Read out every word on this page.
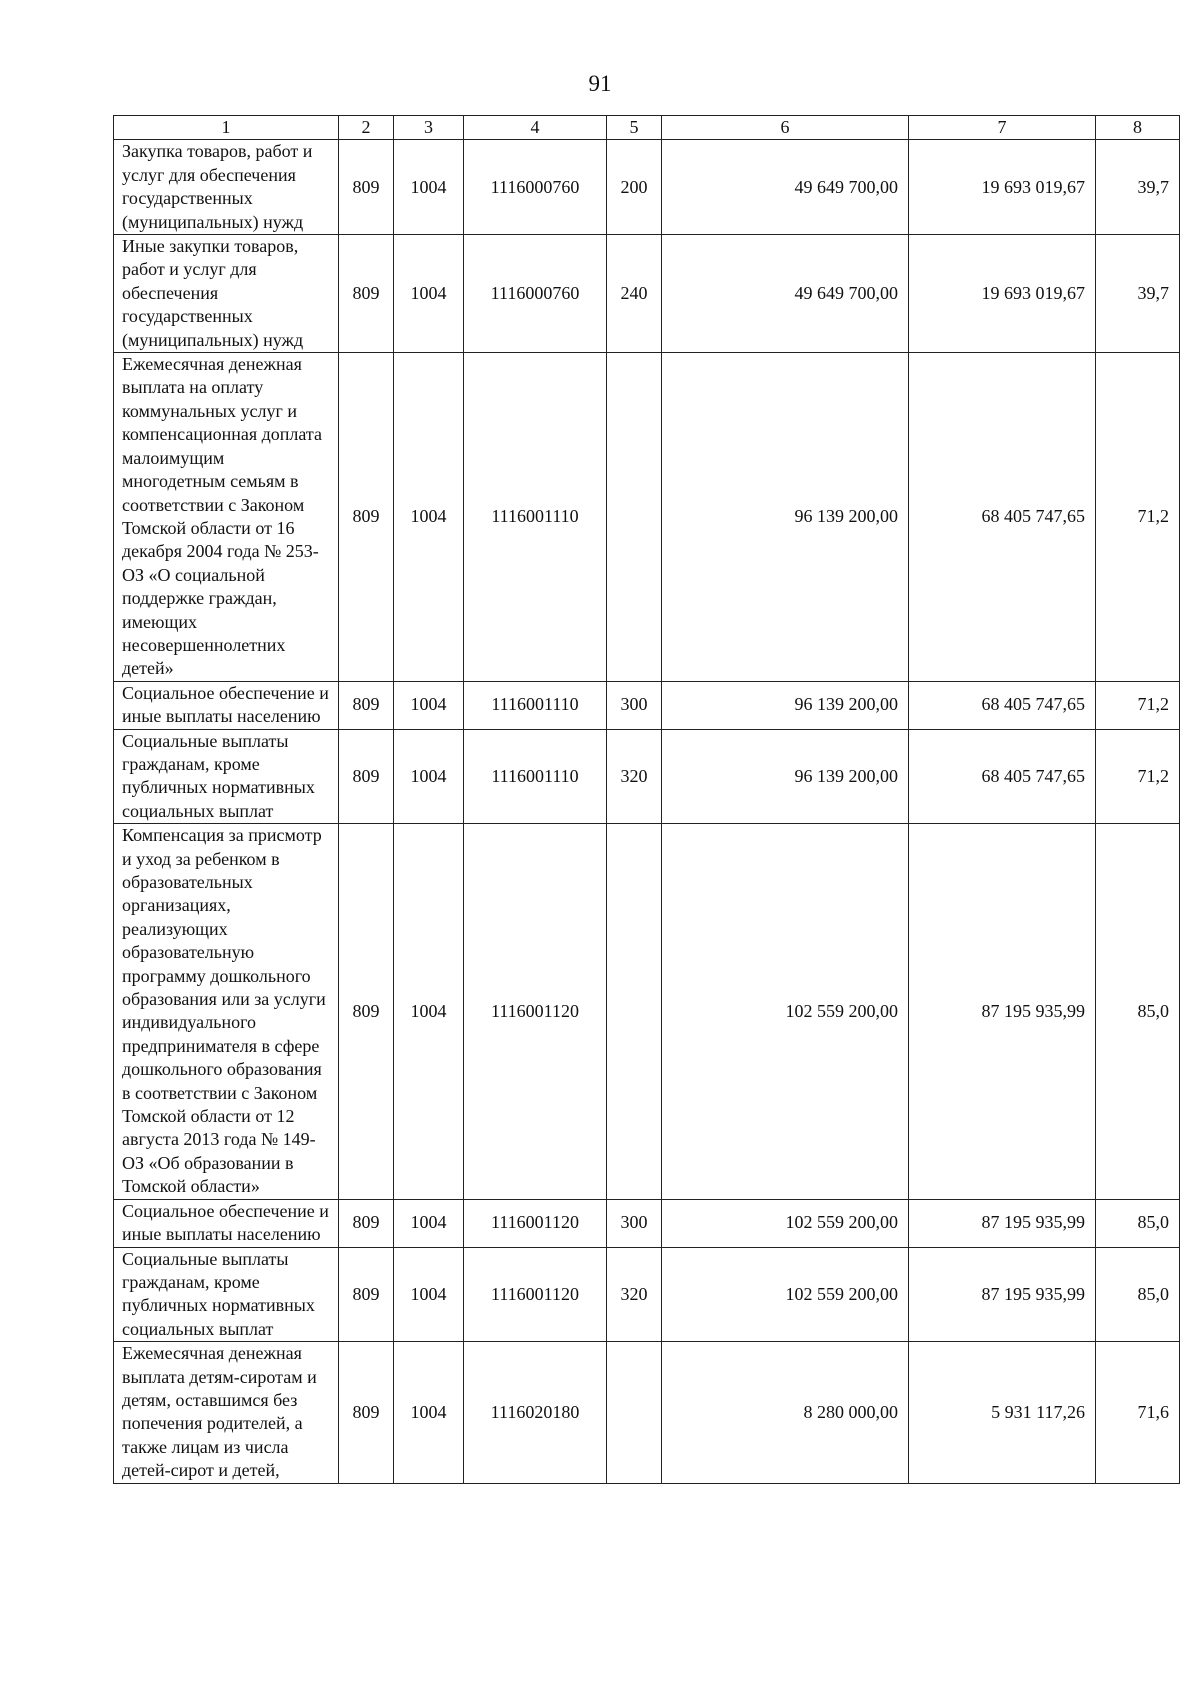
91
1	2	3	4	5	6	7	8
Закупка товаров, работ и услуг для обеспечения государственных (муниципальных) нужд	809	1004	1116000760	200	49 649 700,00	19 693 019,67	39,7
Иные закупки товаров, работ и услуг для обеспечения государственных (муниципальных) нужд	809	1004	1116000760	240	49 649 700,00	19 693 019,67	39,7
Ежемесячная денежная выплата на оплату коммунальных услуг и компенсационная доплата малоимущим многодетным семьям в соответствии с Законом Томской области от 16 декабря 2004 года № 253-ОЗ «О социальной поддержке граждан, имеющих несовершеннолетних детей»	809	1004	1116001110		96 139 200,00	68 405 747,65	71,2
Социальное обеспечение и иные выплаты населению	809	1004	1116001110	300	96 139 200,00	68 405 747,65	71,2
Социальные выплаты гражданам, кроме публичных нормативных социальных выплат	809	1004	1116001110	320	96 139 200,00	68 405 747,65	71,2
Компенсация за присмотр и уход за ребенком в образовательных организациях, реализующих образовательную программу дошкольного образования или за услуги индивидуального предпринимателя в сфере дошкольного образования в соответствии с Законом Томской области от 12 августа 2013 года № 149-ОЗ «Об образовании в Томской области»	809	1004	1116001120		102 559 200,00	87 195 935,99	85,0
Социальное обеспечение и иные выплаты населению	809	1004	1116001120	300	102 559 200,00	87 195 935,99	85,0
Социальные выплаты гражданам, кроме публичных нормативных социальных выплат	809	1004	1116001120	320	102 559 200,00	87 195 935,99	85,0
Ежемесячная денежная выплата детям-сиротам и детям, оставшимся без попечения родителей, а также лицам из числа детей-сирот и детей,	809	1004	1116020180		8 280 000,00	5 931 117,26	71,6
